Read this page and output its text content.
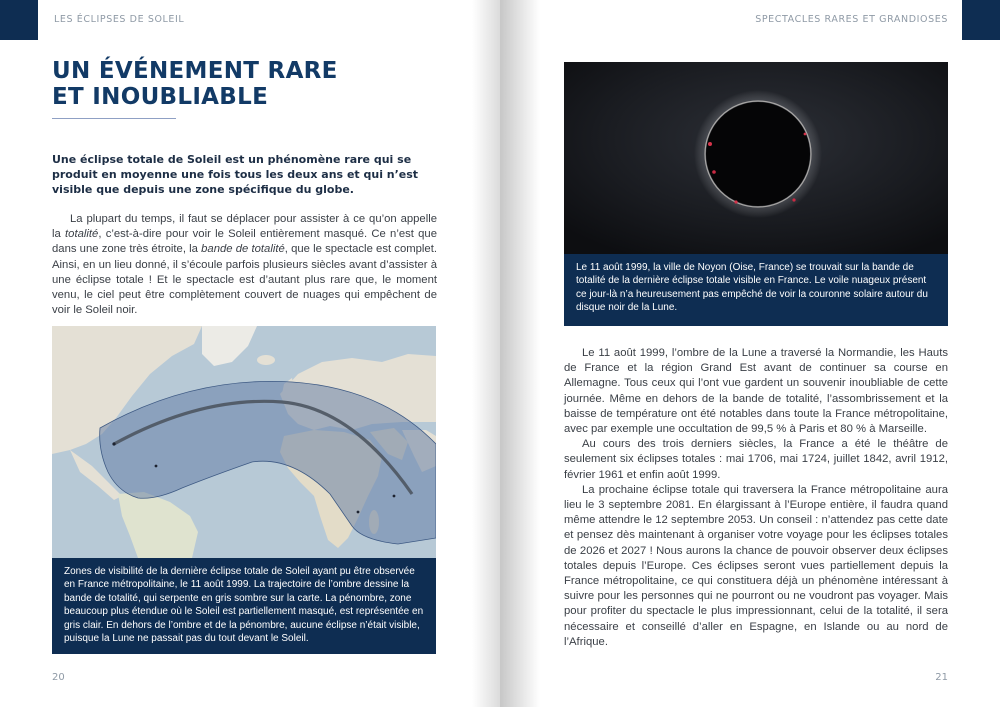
LES ÉCLIPSES DE SOLEIL
UN ÉVÉNEMENT RARE
ET INOUBLIABLE

Une éclipse totale de Soleil est un phénomène rare qui se produit en moyenne une fois tous les deux ans et qui n’est visible que depuis une zone spécifique du globe.

La plupart du temps, il faut se déplacer pour assister à ce qu’on appelle la totalité, c’est-à-dire pour voir le Soleil entièrement masqué. Ce n’est que dans une zone très étroite, la bande de totalité, que le spectacle est complet. Ainsi, en un lieu donné, il s’écoule parfois plusieurs siècles avant d’assister à une éclipse totale ! Et le spectacle est d’autant plus rare que, le moment venu, le ciel peut être complètement couvert de nuages qui empêchent de voir le Soleil noir.

Zones de visibilité de la dernière éclipse totale de Soleil ayant pu être observée en France métropolitaine, le 11 août 1999. La trajectoire de l’ombre dessine la bande de totalité, qui serpente en gris sombre sur la carte. La pénombre, zone beaucoup plus étendue où le Soleil est partiellement masqué, est représentée en gris clair. En dehors de l’ombre et de la pénombre, aucune éclipse n’était visible, puisque la Lune ne passait pas du tout devant le Soleil.
20
SPECTACLES RARES ET GRANDIOSES
Le 11 août 1999, la ville de Noyon (Oise, France) se trouvait sur la bande de totalité de la dernière éclipse totale visible en France. Le voile nuageux présent ce jour-là n’a heureusement pas empêché de voir la couronne solaire autour du disque noir de la Lune.

Le 11 août 1999, l’ombre de la Lune a traversé la Normandie, les Hauts de France et la région Grand Est avant de continuer sa course en Allemagne. Tous ceux qui l’ont vue gardent un souvenir inoubliable de cette journée. Même en dehors de la bande de totalité, l’assombrissement et la baisse de température ont été notables dans toute la France métropolitaine, avec par exemple une occultation de 99,5 % à Paris et 80 % à Marseille.

Au cours des trois derniers siècles, la France a été le théâtre de seulement six éclipses totales : mai 1706, mai 1724, juillet 1842, avril 1912, février 1961 et enfin août 1999.

La prochaine éclipse totale qui traversera la France métropolitaine aura lieu le 3 septembre 2081. En élargissant à l’Europe entière, il faudra quand même attendre le 12 septembre 2053. Un conseil : n’attendez pas cette date et pensez dès maintenant à organiser votre voyage pour les éclipses totales de 2026 et 2027 ! Nous aurons la chance de pouvoir observer deux éclipses totales depuis l’Europe. Ces éclipses seront vues partiellement depuis la France métropolitaine, ce qui constituera déjà un phénomène intéressant à suivre pour les personnes qui ne pourront ou ne voudront pas voyager. Mais pour profiter du spectacle le plus impressionnant, celui de la totalité, il sera nécessaire et conseillé d’aller en Espagne, en Islande ou au nord de l’Afrique.

21
